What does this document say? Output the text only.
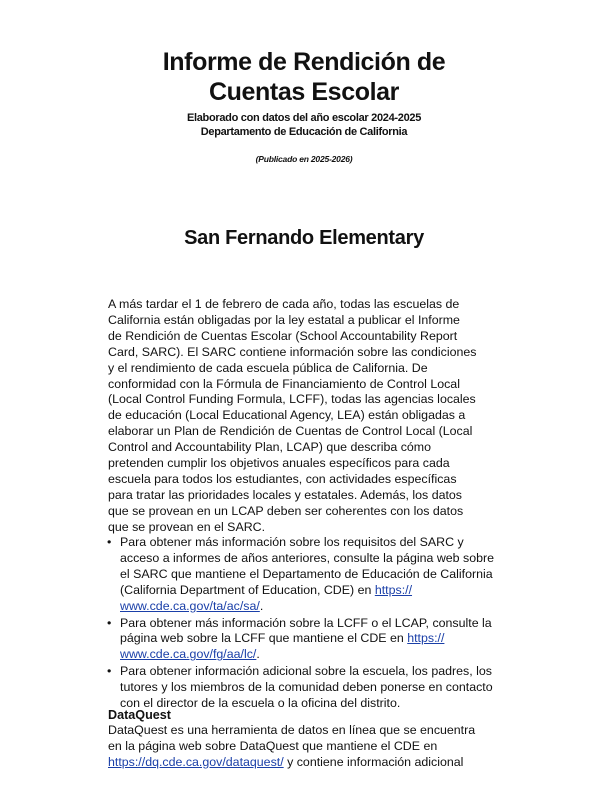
Informe de Rendición de
Cuentas Escolar
Elaborado con datos del año escolar 2024-2025
Departamento de Educación de California
(Publicado en 2025-2026)
San Fernando Elementary

A más tardar el 1 de febrero de cada año, todas las escuelas de
California están obligadas por la ley estatal a publicar el Informe
de Rendición de Cuentas Escolar (School Accountability Report
Card, SARC). El SARC contiene información sobre las condiciones
y el rendimiento de cada escuela pública de California. De
conformidad con la Fórmula de Financiamiento de Control Local
(Local Control Funding Formula, LCFF), todas las agencias locales
de educación (Local Educational Agency, LEA) están obligadas a
elaborar un Plan de Rendición de Cuentas de Control Local (Local
Control and Accountability Plan, LCAP) que describa cómo
pretenden cumplir los objetivos anuales específicos para cada
escuela para todos los estudiantes, con actividades específicas
para tratar las prioridades locales y estatales. Además, los datos
que se provean en un LCAP deben ser coherentes con los datos
que se provean en el SARC.

• Para obtener más información sobre los requisitos del SARC y
acceso a informes de años anteriores, consulte la página web sobre
el SARC que mantiene el Departamento de Educación de California
(California Department of Education, CDE) en https://
www.cde.ca.gov/ta/ac/sa/.
• Para obtener más información sobre la LCFF o el LCAP, consulte la
página web sobre la LCFF que mantiene el CDE en https://
www.cde.ca.gov/fg/aa/lc/.
• Para obtener información adicional sobre la escuela, los padres, los
tutores y los miembros de la comunidad deben ponerse en contacto
con el director de la escuela o la oficina del distrito.
DataQuest
DataQuest es una herramienta de datos en línea que se encuentra
en la página web sobre DataQuest que mantiene el CDE en
https://dq.cde.ca.gov/dataquest/ y contiene información adicional
